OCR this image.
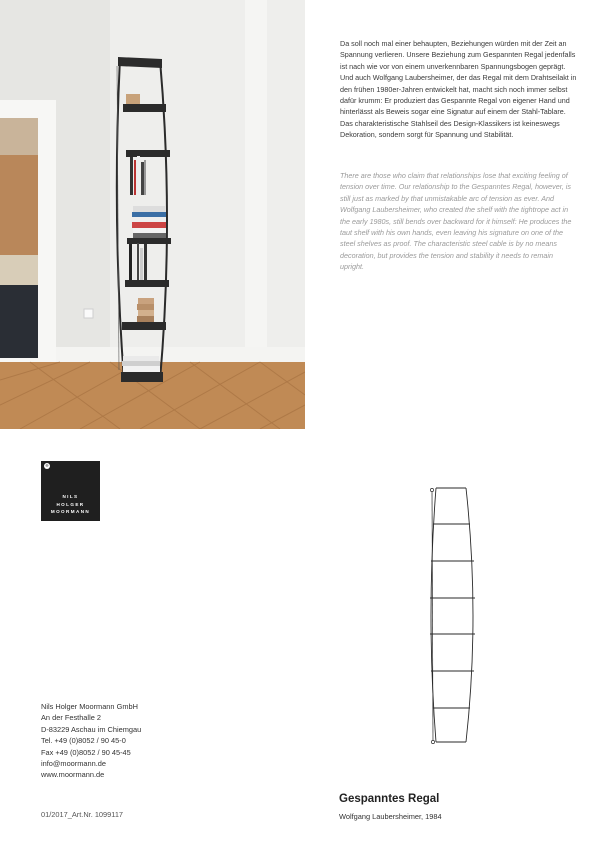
Da soll noch mal einer behaupten, Beziehungen würden mit der Zeit an Spannung verlieren. Unsere Beziehung zum Gespannten Regal jedenfalls ist nach wie vor von einem unverkennbaren Spannungsbogen geprägt. Und auch Wolfgang Laubersheimer, der das Regal mit dem Drahtseilakt in den frühen 1980er-Jahren entwickelt hat, macht sich noch immer selbst dafür krumm: Er produziert das Gespannte Regal von eigener Hand und hinterlässt als Beweis sogar eine Signatur auf einem der Stahl-Tablare. Das charakteristische Stahlseil des Design-Klassikers ist keineswegs Dekoration, sondern sorgt für Spannung und Stabilität.
There are those who claim that relationships lose that exciting feeling of tension over time. Our relationship to the Gespanntes Regal, however, is still just as marked by that unmistakable arc of tension as ever. And Wolfgang Laubersheimer, who created the shelf with the tightrope act in the early 1980s, still bends over backward for it himself: He produces the taut shelf with his own hands, even leaving his signature on one of the steel shelves as proof. The characteristic steel cable is by no means decoration, but provides the tension and stability it needs to remain upright.
®
NILS
HOLGER
MOORMANN
Nils Holger Moormann GmbH
An der Festhalle 2
D-83229 Aschau im Chiemgau
Tel. +49 (0)8052 / 90 45-0
Fax +49 (0)8052 / 90 45-45
info@moormann.de
www.moormann.de
01/2017_Art.Nr. 1099117
Gespanntes Regal
Wolfgang Laubersheimer, 1984
